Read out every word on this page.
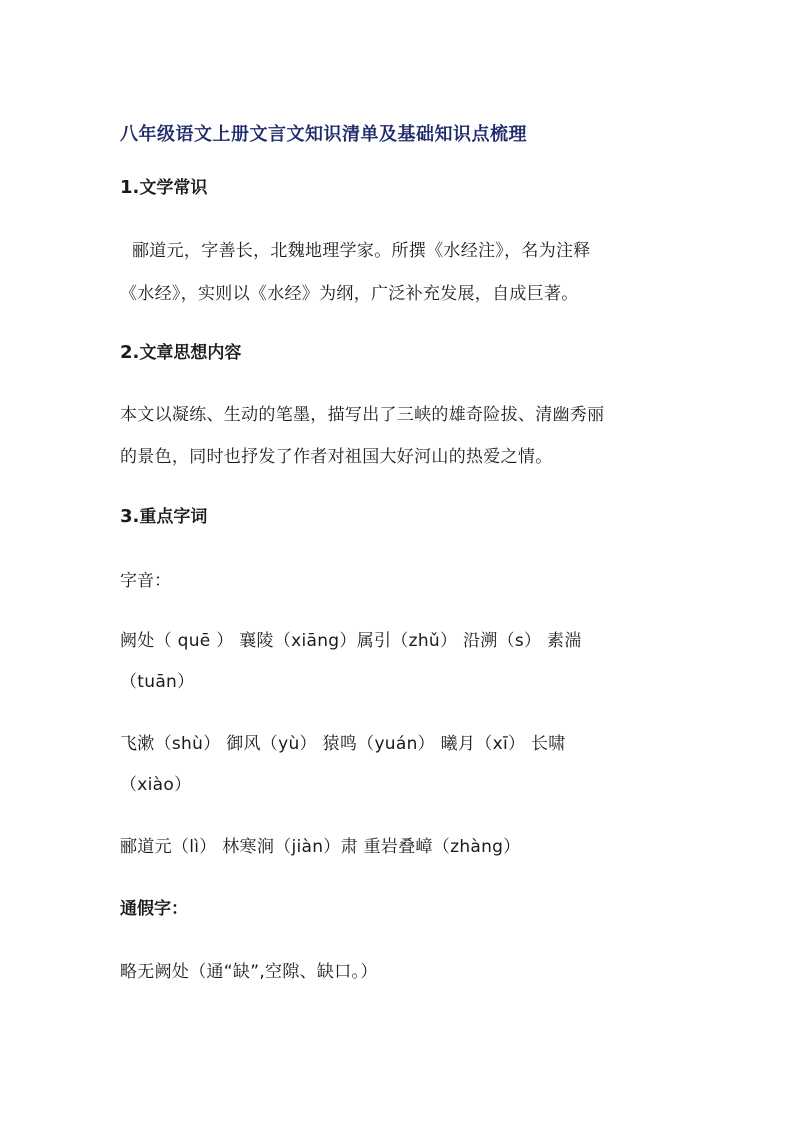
八年级语文上册文言文知识清单及基础知识点梳理
1.文学常识

郦道元，字善长，北魏地理学家。所撰《水经注》，名为注释

《水经》，实则以《水经》为纲，广泛补充发展，自成巨著。

2.文章思想内容

本文以凝练、生动的笔墨，描写出了三峡的雄奇险拔、清幽秀丽

的景色，同时也抒发了作者对祖国大好河山的热爱之情。

3.重点字词

字音：

阙处（ quē ） 襄陵（xiāng）属引（zhǔ） 沿溯（s） 素湍

（tuān）

飞漱（shù） 御风（yù） 猿鸣（yuán） 曦月（xī） 长啸

（xiào）

郦道元（lì） 林寒涧（jiàn）肃 重岩叠嶂（zhàng）

通假字：

略无阙处（通“缺”,空隙、缺口。）
